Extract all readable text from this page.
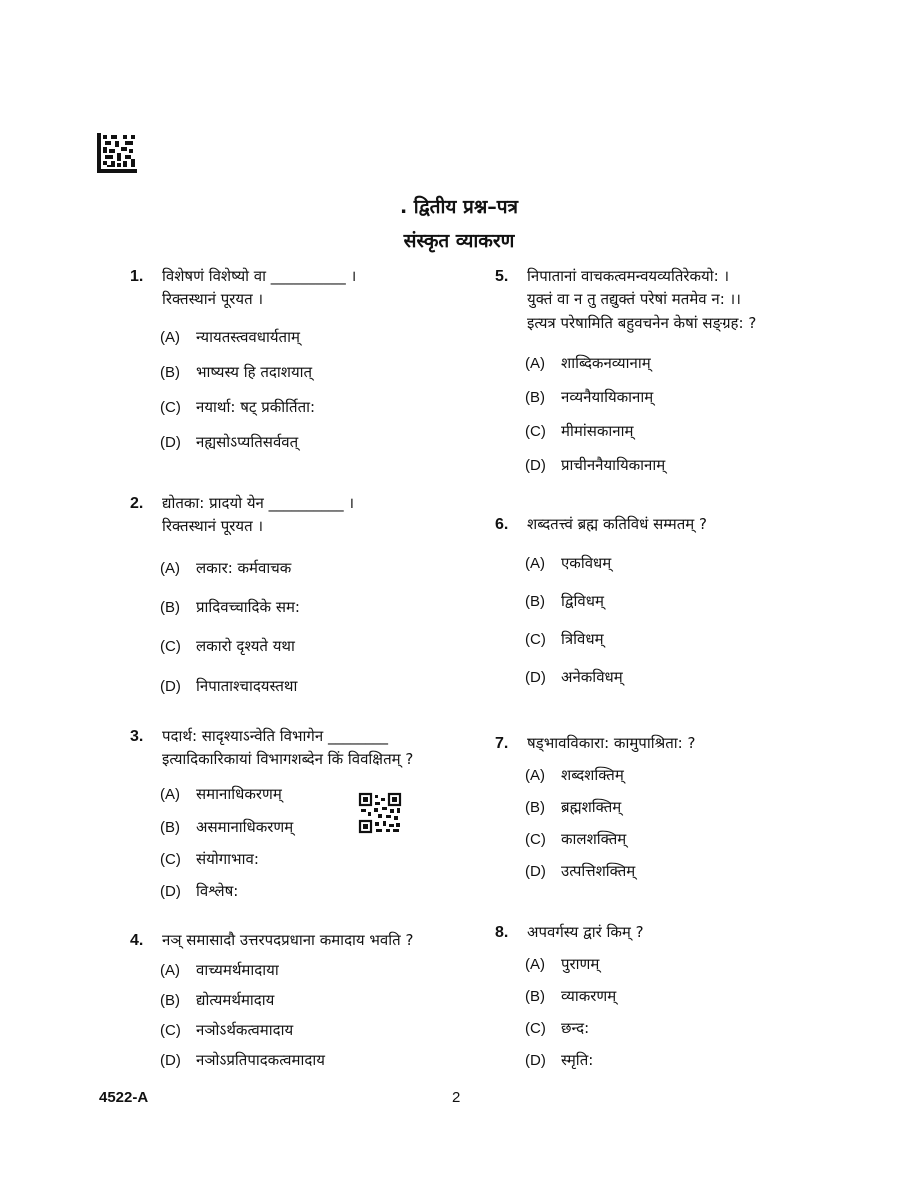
. द्वितीय प्रश्न–पत्र
संस्कृत व्याकरण
1. विशेषणं विशेष्यो वा __________ ।
रिक्तस्थानं पूरयत ।
(A) न्यायतस्त्ववधार्यताम्
(B) भाष्यस्य हि तदाशयात्
(C) नयार्था: षट् प्रकीर्तिता:
(D) नह्यसोऽप्यतिसर्ववत्
2. द्योतका: प्रादयो येन __________ ।
रिक्तस्थानं पूरयत ।
(A) लकार: कर्मवाचक
(B) प्रादिवच्चादिके सम:
(C) लकारो दृश्यते यथा
(D) निपाताश्चादयस्तथा
3. पदार्थ: सादृश्याऽन्वेति विभागेन ________
इत्यादिकारिकायां विभागशब्देन किं विवक्षितम् ?
(A) समानाधिकरणम्
(B) असमानाधिकरणम्
(C) संयोगाभाव:
(D) विश्लेष:
4. नञ् समासादौ उत्तरपदप्रधाना कमादाय भवति ?
(A) वाच्यमर्थमादाया
(B) द्योत्यमर्थमादाय
(C) नञोऽर्थकत्वमादाय
(D) नञोऽप्रतिपादकत्वमादाय
5. निपातानां वाचकत्वमन्वयव्यतिरेकयो: ।
युक्तं वा न तु तद्युक्तं परेषां मतमेव न: ।।
इत्यत्र परेषामिति बहुवचनेन केषां सङ्ग्रह: ?
(A) शाब्दिकनव्यानाम्
(B) नव्यनैयायिकानाम्
(C) मीमांसकानाम्
(D) प्राचीननैयायिकानाम्
6. शब्दतत्त्वं ब्रह्म कतिविधं सम्मतम् ?
(A) एकविधम्
(B) द्विविधम्
(C) त्रिविधम्
(D) अनेकविधम्
7. षड्भावविकारा: कामुपाश्रिता: ?
(A) शब्दशक्तिम्
(B) ब्रह्मशक्तिम्
(C) कालशक्तिम्
(D) उत्पत्तिशक्तिम्
8. अपवर्गस्य द्वारं किम् ?
(A) पुराणम्
(B) व्याकरणम्
(C) छन्द:
(D) स्मृति:
4522-A	2
